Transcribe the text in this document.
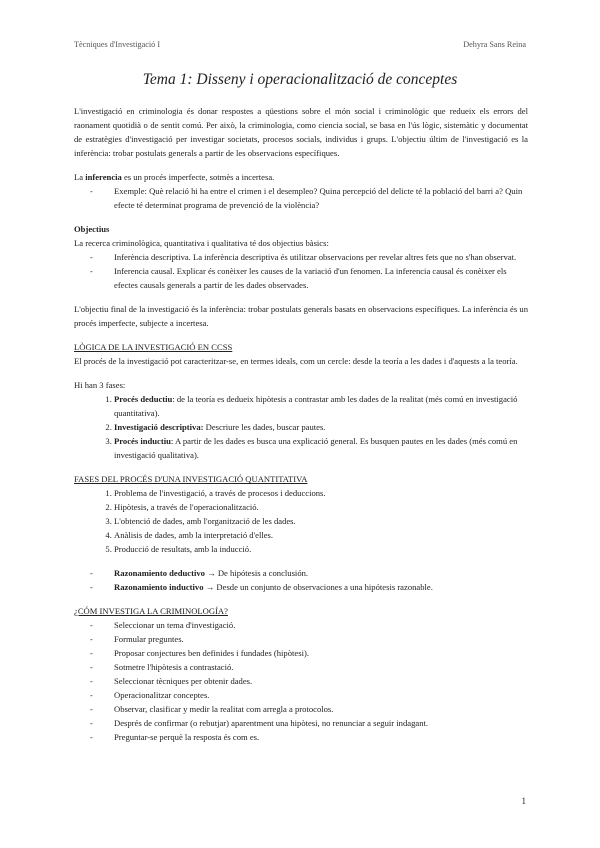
Tècniques d'Investigació I	Dehyra Sans Reina
Tema 1: Disseny i operacionalització de conceptes

L'investigació en criminologia és donar respostes a qüestions sobre el món social i criminològic que redueix els errors del raonament quotidià o de sentit comú. Per això, la criminologia, como ciencia social, se basa en l'ús lògic, sistemàtic y documentat de estratègies d'investigació per investigar societats, procesos socials, individus i grups. L'objectiu últim de l'investigació es la inferència: trobar postulats generals a partir de les observacions específiques.

La inferencia es un procés imperfecte, sotmès a incertesa.

- Exemple: Què relació hi ha entre el crimen i el desempleo? Quina percepció del delicte té la població del barri a? Quin efecte té determinat programa de prevenció de la violència?

Objectius

La recerca criminològica, quantitativa i qualitativa té dos objectius bàsics:

- Inferència descriptiva. La inferència descriptiva és utilitzar observacions per revelar altres fets que no s'han observat.
- Inferencia causal. Explicar és conèixer les causes de la variació d'un fenomen. La inferencia causal és conèixer els efectes causals generals a partir de les dades observades.

L'objectiu final de la investigació és la inferència: trobar postulats generals basats en observacions específiques. La inferència és un procés imperfecte, subjecte a incertesa.

LÒGICA DE LA INVESTIGACIÓ EN CCSS

El procés de la investigació pot caracteritzar-se, en termes ideals, com un cercle: desde la teoría a les dades i d'aquests a la teoría.

Hi han 3 fases:

1. Procés deductiu: de la teoría es dedueix hipòtesis a contrastar amb les dades de la realitat (més comú en investigació quantitativa).
2. Investigació descriptiva: Descriure les dades, buscar pautes.
3. Procés inductiu: A partir de les dades es busca una explicació general. Es busquen pautes en les dades (més comú en investigació qualitativa).

FASES DEL PROCÉS D'UNA INVESTIGACIÓ QUANTITATIVA

1. Problema de l'investigació, a través de procesos i deduccions.
2. Hipòtesis, a través de l'operacionalització.
3. L'obtenció de dades, amb l'organització de les dades.
4. Anàlisis de dades, amb la interpretació d'elles.
5. Producció de resultats, amb la inducció.
- Razonamiento deductivo → De hipótesis a conclusión.
- Razonamiento inductivo → Desde un conjunto de observaciones a una hipótesis razonable.

¿CÓM INVESTIGA LA CRIMINOLOGÍA?

- Seleccionar un tema d'investigació.
- Formular preguntes.
- Proposar conjectures ben definides i fundades (hipòtesi).
- Sotmetre l'hipòtesis a contrastació.
- Seleccionar tècniques per obtenir dades.
- Operacionalitzar conceptes.
- Observar, clasificar y medir la realitat com arregla a protocolos.
- Després de confirmar (o rebutjar) aparentment una hipòtesi, no renunciar a seguir indagant.
- Preguntar-se perquè la resposta és com es.
1
